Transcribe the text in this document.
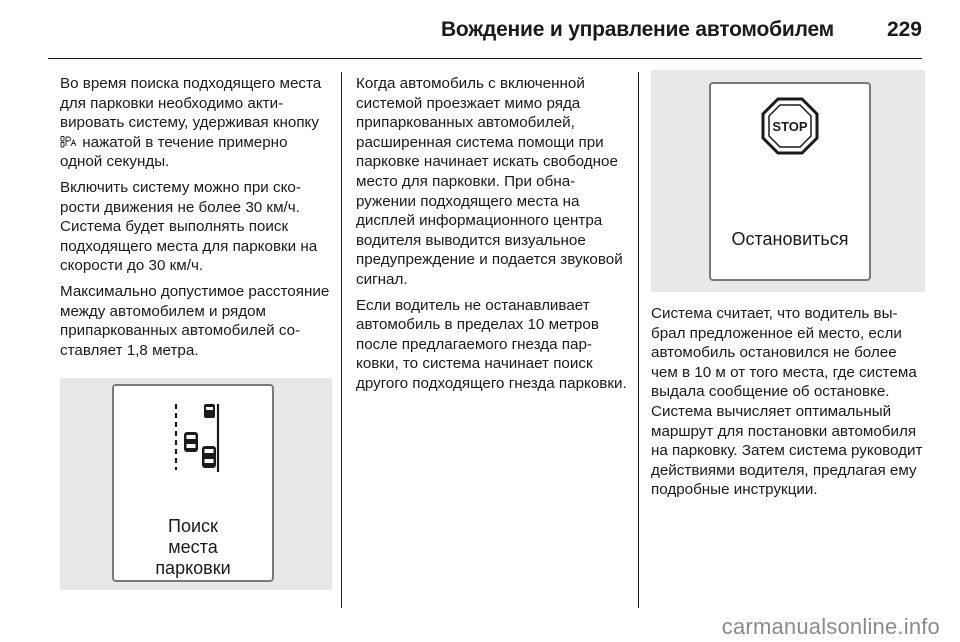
Вождение и управление автомобилем	229

Во время поиска подходящего места для парковки необходимо активировать систему, удерживая кнопку  нажатой в течение примерно одной секунды.

Включить систему можно при скорости движения не более 30 км/ч. Система будет выполнять поиск подходящего места для парковки на скорости до 30 км/ч.

Максимально допустимое расстояние между автомобилем и рядом припаркованных автомобилей составляет 1,8 метра.

Поиск
места
парковки

Когда автомобиль с включенной системой проезжает мимо ряда припаркованных автомобилей, расширенная система помощи при парковке начинает искать свободное место для парковки. При обнаружении подходящего места на дисплей информационного центра водителя выводится визуальное предупреждение и подается звуковой сигнал.

Если водитель не останавливает автомобиль в пределах 10 метров после предлагаемого гнезда парковки, то система начинает поиск другого подходящего гнезда парковки.

STOP
Остановиться

Система считает, что водитель выбрал предложенное ей место, если автомобиль остановился не более чем в 10 м от того места, где система выдала сообщение об остановке. Система вычисляет оптимальный маршрут для постановки автомобиля на парковку. Затем система руководит действиями водителя, предлагая ему подробные инструкции.

carmanualsonline.info
